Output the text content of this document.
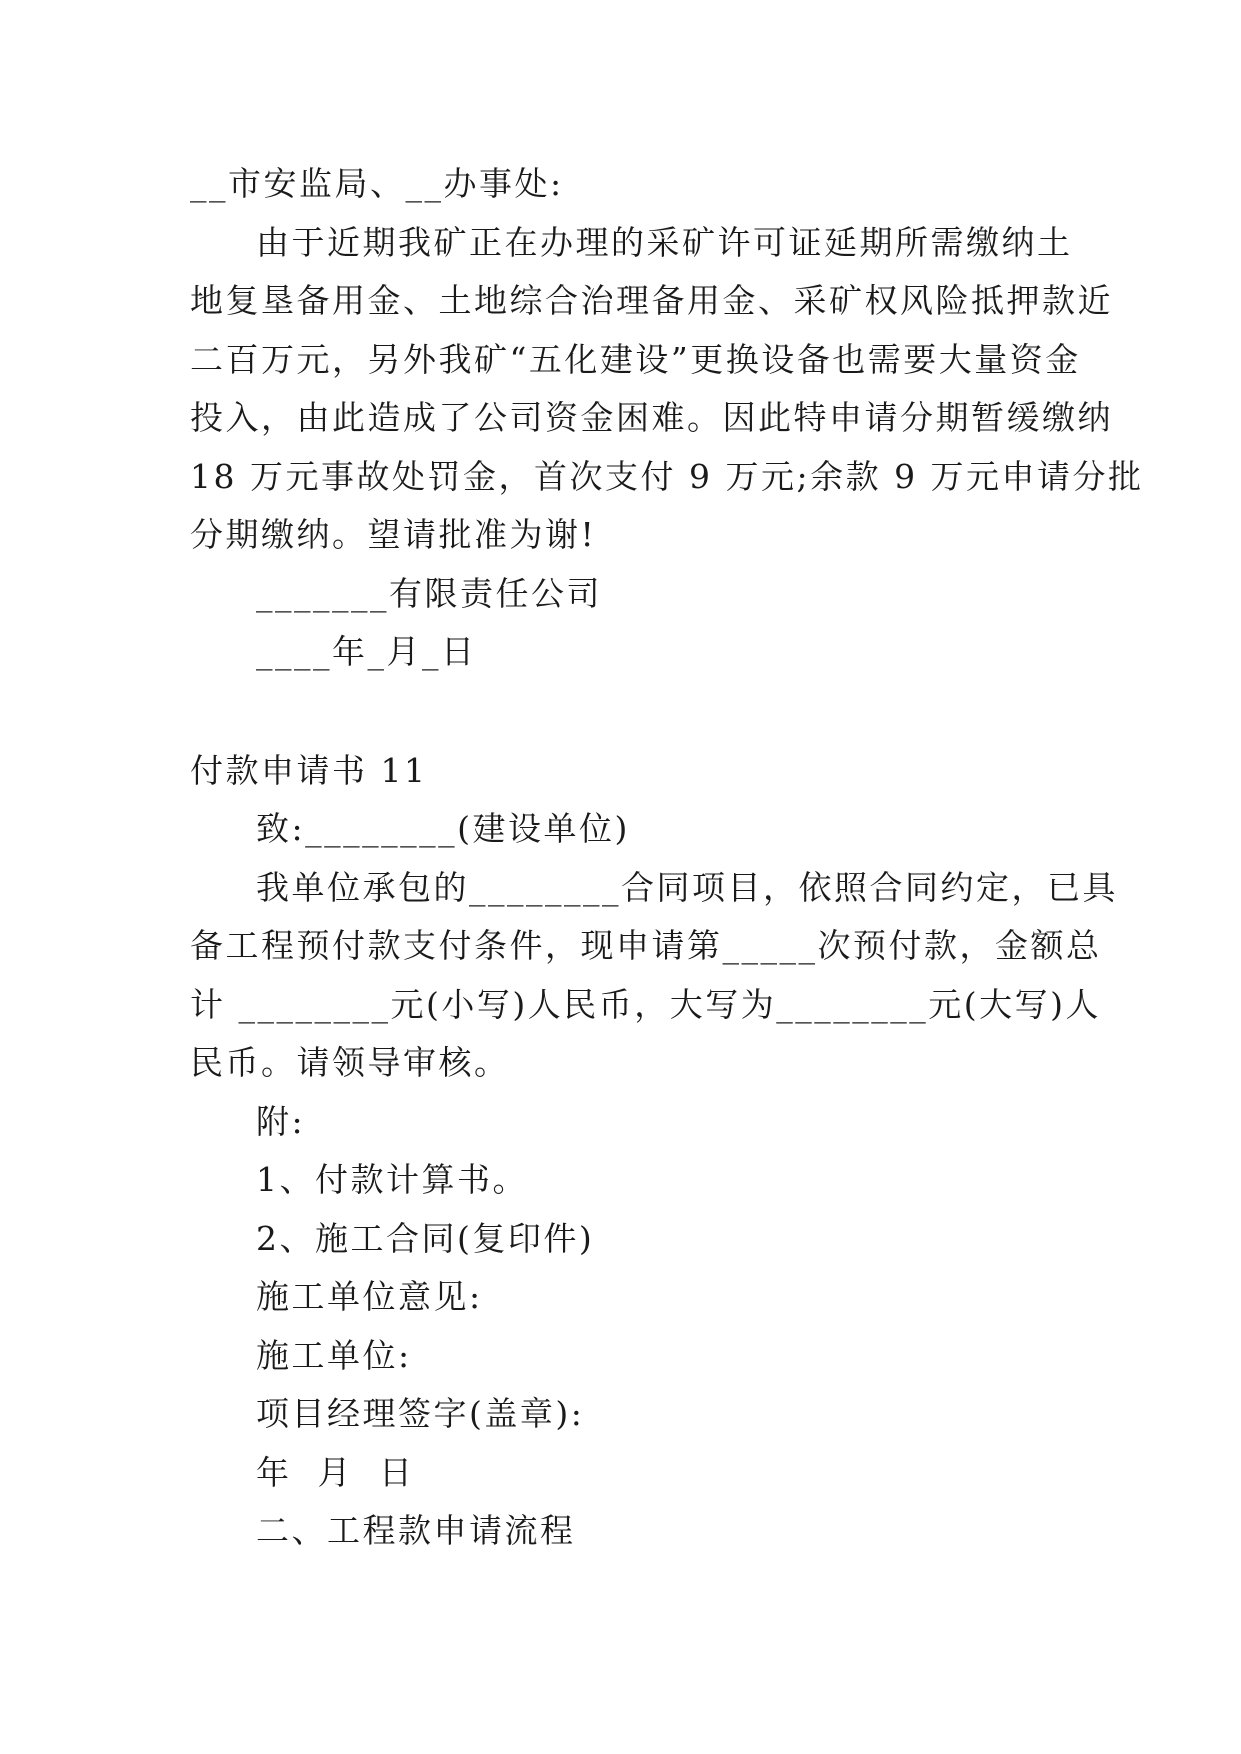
__市安监局、__办事处:
由于近期我矿正在办理的采矿许可证延期所需缴纳土
地复垦备用金、土地综合治理备用金、采矿权风险抵押款近
二百万元，另外我矿“五化建设”更换设备也需要大量资金
投入，由此造成了公司资金困难。因此特申请分期暂缓缴纳
18 万元事故处罚金，首次支付 9 万元;余款 9 万元申请分批
分期缴纳。望请批准为谢!
_______有限责任公司
____年_月_日
付款申请书 11
致:________(建设单位)
我单位承包的________合同项目，依照合同约定，已具
备工程预付款支付条件，现申请第_____次预付款，金额总
计 ________元(小写)人民币，大写为________元(大写)人
民币。请领导审核。
附:
1、付款计算书。
2、施工合同(复印件)
施工单位意见:
施工单位:
项目经理签字(盖章):
年  月  日
二、工程款申请流程
